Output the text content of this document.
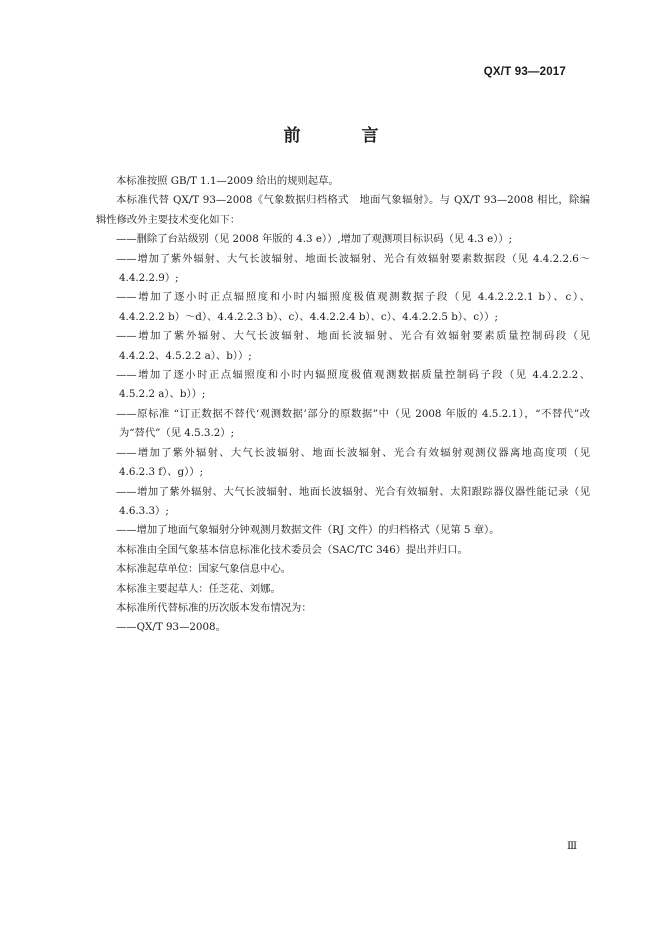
QX/T 93—2017
前　言
本标准按照 GB/T 1.1—2009 给出的规则起草。
本标准代替 QX/T 93—2008《气象数据归档格式　地面气象辐射》。与 QX/T 93—2008 相比，除编
辑性修改外主要技术变化如下：
——删除了台站级别（见 2008 年版的 4.3 e））,增加了观测项目标识码（见 4.3 e））;
——增加了紫外辐射、大气长波辐射、地面长波辐射、光合有效辐射要素数据段（见 4.4.2.2.6～
4.4.2.2.9）;
——增加了逐小时正点辐照度和小时内辐照度极值观测数据子段（见 4.4.2.2.2.1 b）、c）、
4.4.2.2.2 b）～d）、4.4.2.2.3 b）、c）、4.4.2.2.4 b）、c）、4.4.2.2.5 b）、c））;
——增加了紫外辐射、大气长波辐射、地面长波辐射、光合有效辐射要素质量控制码段（见
4.4.2.2、4.5.2.2 a）、b））;
——增加了逐小时正点辐照度和小时内辐照度极值观测数据质量控制码子段（见 4.4.2.2.2、
4.5.2.2 a）、b））;
——原标准 “订正数据不替代‘观测数据’部分的原数据”中（见 2008 年版的 4.5.2.1），“不替代”改
为“替代”（见 4.5.3.2）;
——增加了紫外辐射、大气长波辐射、地面长波辐射、光合有效辐射观测仪器离地高度项（见
4.6.2.3 f）、g））;
——增加了紫外辐射、大气长波辐射、地面长波辐射、光合有效辐射、太阳跟踪器仪器性能记录（见
4.6.3.3）;
——增加了地面气象辐射分钟观测月数据文件（RJ 文件）的归档格式（见第 5 章）。
本标准由全国气象基本信息标准化技术委员会（SAC/TC 346）提出并归口。
本标准起草单位：国家气象信息中心。
本标准主要起草人：任芝花、刘娜。
本标准所代替标准的历次版本发布情况为：
——QX/T 93—2008。
Ⅲ
